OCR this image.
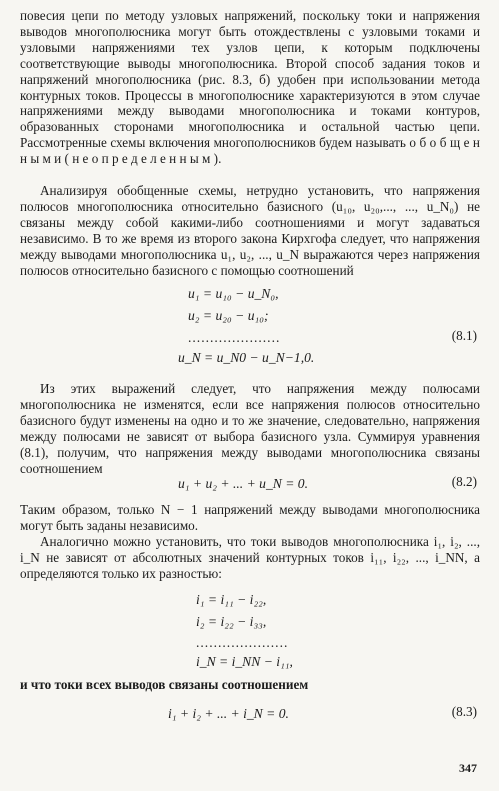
повесия цепи по методу узловых напряжений, поскольку токи и напряжения выводов многополюсника могут быть отождествлены с узловыми токами и узловыми напряжениями тех узлов цепи, к которым подключены соответствующие выводы многополюсника. Второй способ задания токов и напряжений многополюсника (рис. 8.3, б) удобен при использовании метода контурных токов. Процессы в многополюснике характеризуются в этом случае напряжениями между выводами многополюсника и токами контуров, образованных сторонами многополюсника и остальной частью цепи. Рассмотренные схемы включения многополюсников будем называть о б о б щ е н н ы м и ( н е о п р е д е л е н н ы м ).
Анализируя обобщенные схемы, нетрудно установить, что напряжения полюсов многополюсника относительно базисного (u₁₀, u₂₀,..., ..., u_N₀) не связаны между собой какими-либо соотношениями и могут задаваться независимо. В то же время из второго закона Кирхгофа следует, что напряжения между выводами многополюсника u₁, u₂, ..., u_N выражаются через напряжения полюсов относительно базисного с помощью соотношений
u₁ = u₁₀ − u_N₀,
u₂ = u₂₀ − u₁₀;
.....................
u_N = u_N0 − u_N−1,0.
(8.1)
Из этих выражений следует, что напряжения между полюсами многополюсника не изменятся, если все напряжения полюсов относительно базисного будут изменены на одно и то же значение, следовательно, напряжения между полюсами не зависят от выбора базисного узла. Суммируя уравнения (8.1), получим, что напряжения между выводами многополюсника связаны соотношением
u₁ + u₂ + ... + u_N = 0.	(8.2)
Таким образом, только N − 1 напряжений между выводами многополюсника могут быть заданы независимо.
Аналогично можно установить, что токи выводов многополюсника i₁, i₂, ..., i_N не зависят от абсолютных значений контурных токов i₁₁, i₂₂, ..., i_NN, а определяются только их разностью:
i₁ = i₁₁ − i₂₂,
i₂ = i₂₂ − i₃₃,
.....................
i_N = i_NN − i₁₁,
и что токи всех выводов связаны соотношением
i₁ + i₂ + ... + i_N = 0.	(8.3)
347
